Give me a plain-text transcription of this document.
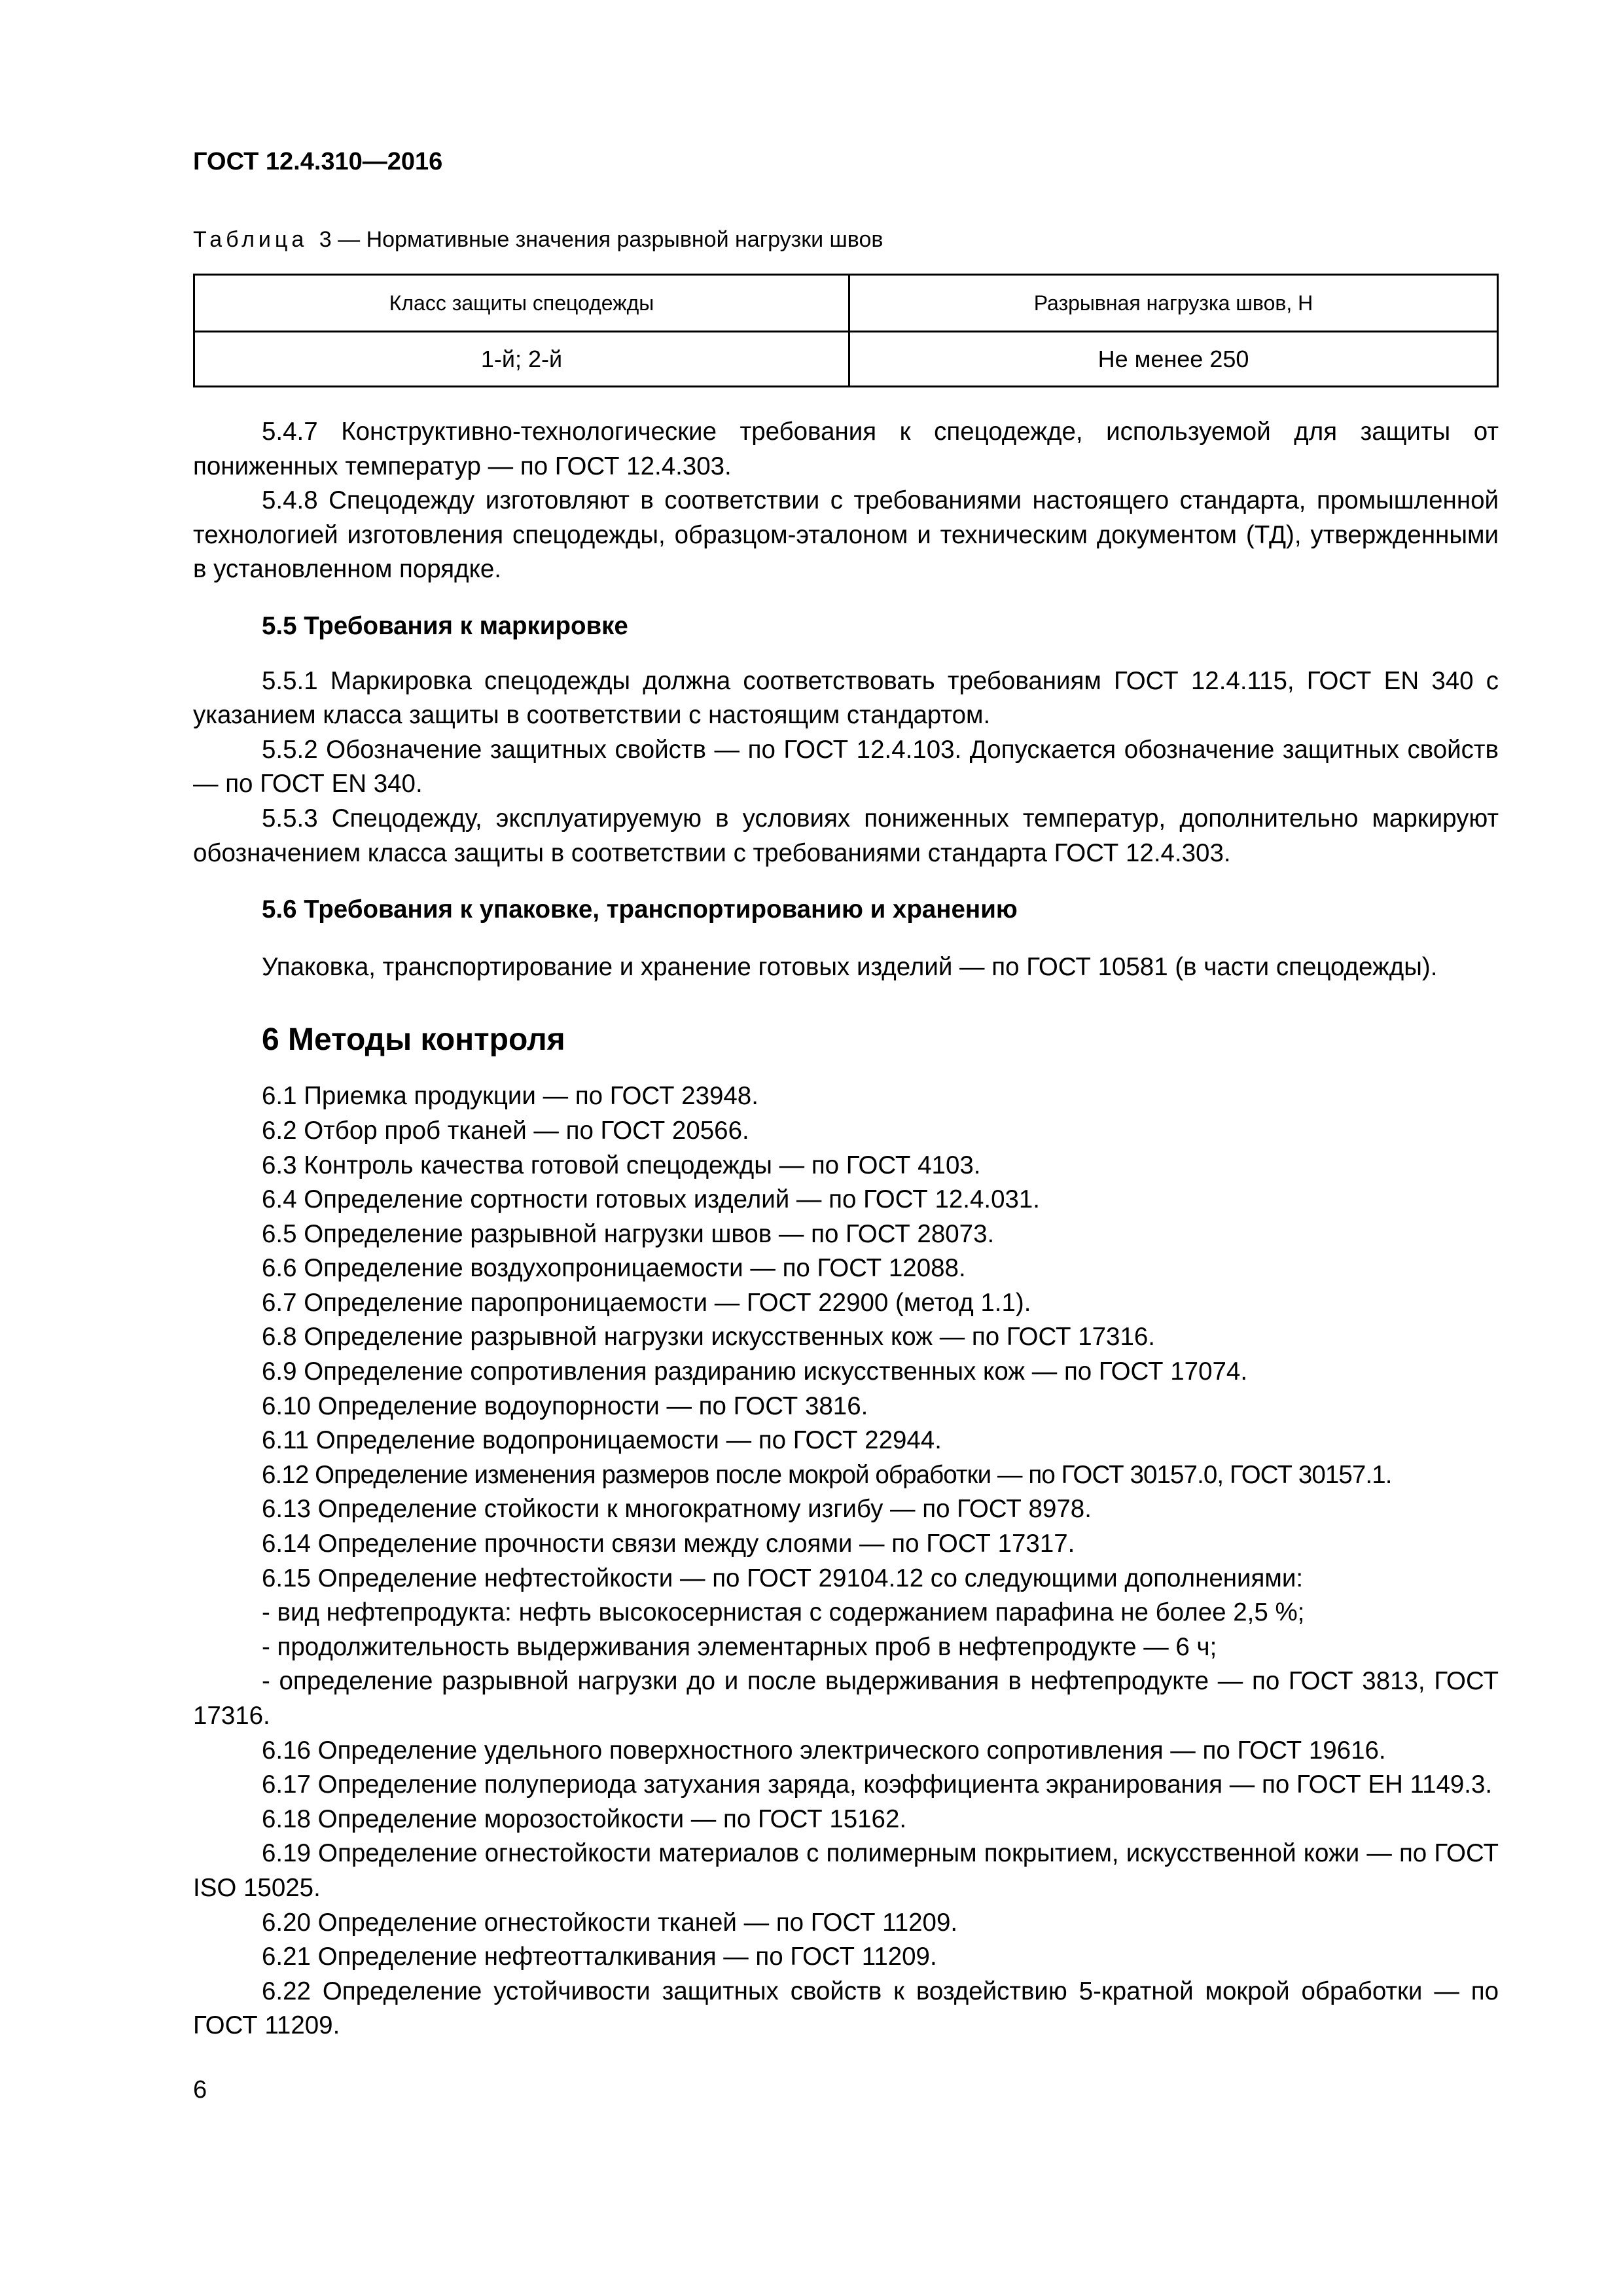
ГОСТ 12.4.310—2016

Таблица 3 — Нормативные значения разрывной нагрузки швов

Класс защиты спецодежды	Разрывная нагрузка швов, Н
1-й; 2-й	Не менее 250

5.4.7 Конструктивно-технологические требования к спецодежде, используемой для защиты от пониженных температур — по ГОСТ 12.4.303.

5.4.8 Спецодежду изготовляют в соответствии с требованиями настоящего стандарта, промышленной технологией изготовления спецодежды, образцом-эталоном и техническим документом (ТД), утвержденными в установленном порядке.

5.5 Требования к маркировке

5.5.1 Маркировка спецодежды должна соответствовать требованиям ГОСТ 12.4.115, ГОСТ EN 340 с указанием класса защиты в соответствии с настоящим стандартом.

5.5.2 Обозначение защитных свойств — по ГОСТ 12.4.103. Допускается обозначение защитных свойств — по ГОСТ EN 340.

5.5.3 Спецодежду, эксплуатируемую в условиях пониженных температур, дополнительно маркируют обозначением класса защиты в соответствии с требованиями стандарта ГОСТ 12.4.303.

5.6 Требования к упаковке, транспортированию и хранению

Упаковка, транспортирование и хранение готовых изделий — по ГОСТ 10581 (в части спецодежды).

6 Методы контроля

6.1 Приемка продукции — по ГОСТ 23948.

6.2 Отбор проб тканей — по ГОСТ 20566.

6.3 Контроль качества готовой спецодежды — по ГОСТ 4103.

6.4 Определение сортности готовых изделий — по ГОСТ 12.4.031.

6.5 Определение разрывной нагрузки швов — по ГОСТ 28073.

6.6 Определение воздухопроницаемости — по ГОСТ 12088.

6.7 Определение паропроницаемости — ГОСТ 22900 (метод 1.1).

6.8 Определение разрывной нагрузки искусственных кож — по ГОСТ 17316.

6.9 Определение сопротивления раздиранию искусственных кож — по ГОСТ 17074.

6.10 Определение водоупорности — по ГОСТ 3816.

6.11 Определение водопроницаемости — по ГОСТ 22944.

6.12 Определение изменения размеров после мокрой обработки — по ГОСТ 30157.0, ГОСТ 30157.1.

6.13 Определение стойкости к многократному изгибу — по ГОСТ 8978.

6.14 Определение прочности связи между слоями — по ГОСТ 17317.

6.15 Определение нефтестойкости — по ГОСТ 29104.12 со следующими дополнениями:

- вид нефтепродукта: нефть высокосернистая с содержанием парафина не более 2,5 %;

- продолжительность выдерживания элементарных проб в нефтепродукте — 6 ч;

- определение разрывной нагрузки до и после выдерживания в нефтепродукте — по ГОСТ 3813, ГОСТ 17316.

6.16 Определение удельного поверхностного электрического сопротивления — по ГОСТ 19616.

6.17 Определение полупериода затухания заряда, коэффициента экранирования — по ГОСТ ЕН 1149.3.

6.18 Определение морозостойкости — по ГОСТ 15162.

6.19 Определение огнестойкости материалов с полимерным покрытием, искусственной кожи — по ГОСТ ISO 15025.

6.20 Определение огнестойкости тканей — по ГОСТ 11209.

6.21 Определение нефтеотталкивания — по ГОСТ 11209.

6.22 Определение устойчивости защитных свойств к воздействию 5-кратной мокрой обработки — по ГОСТ 11209.

6
